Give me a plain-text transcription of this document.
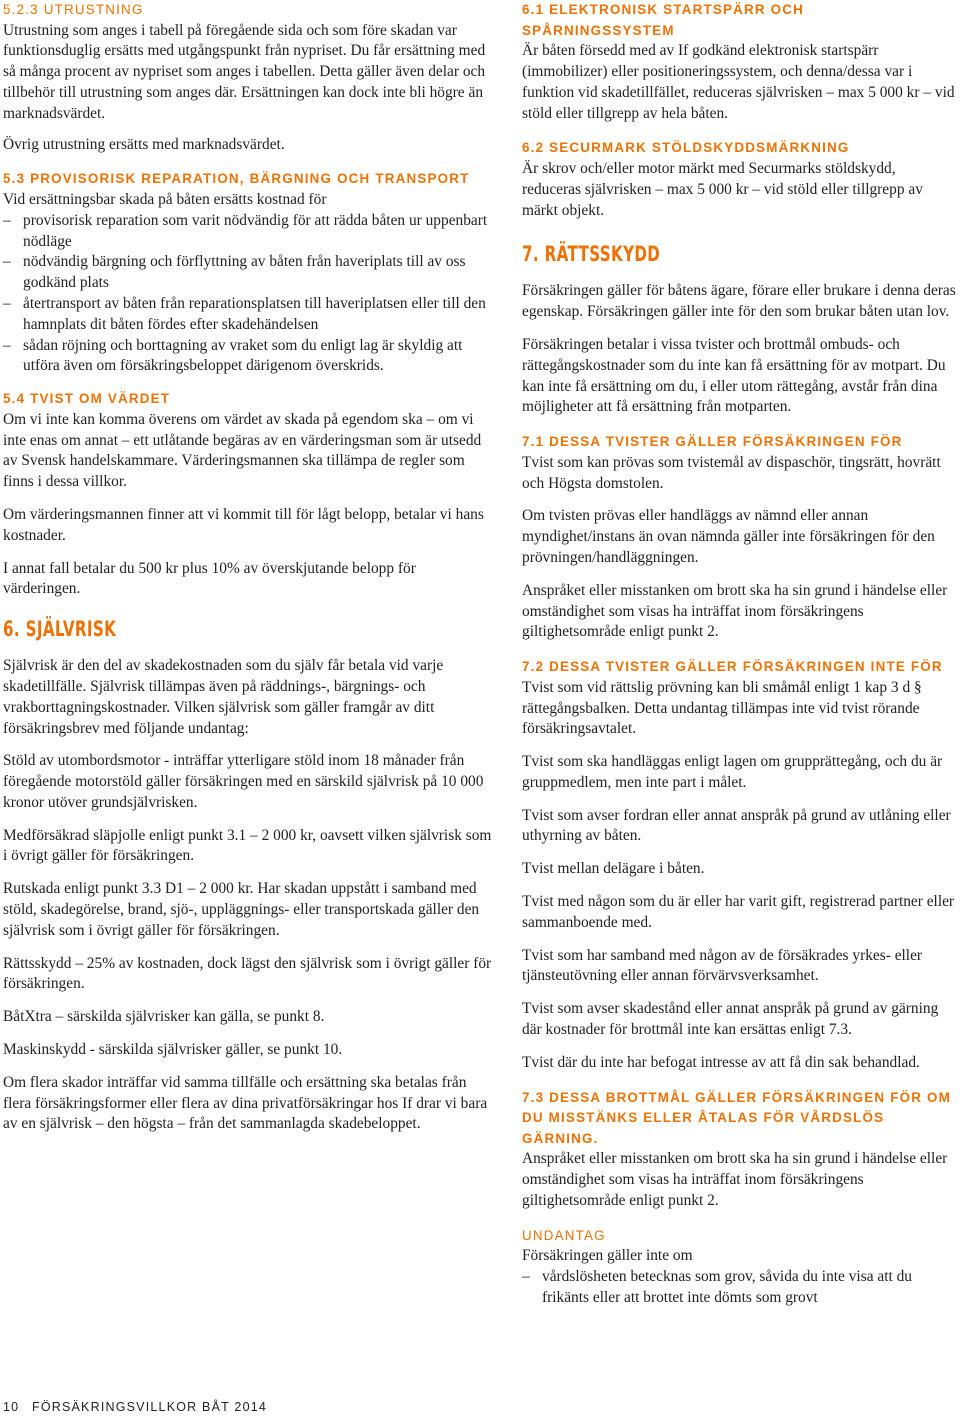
5.2.3 UTRUSTNING

Utrustning som anges i tabell på föregående sida och som före skadan var funktionsduglig ersätts med utgångspunkt från nypriset. Du får ersättning med så många procent av nypriset som anges i tabellen. Detta gäller även delar och tillbehör till utrustning som anges där. Ersättningen kan dock inte bli högre än marknadsvärdet.

Övrig utrustning ersätts med marknadsvärdet.

5.3 PROVISORISK REPARATION, BÄRGNING OCH TRANSPORT

Vid ersättningsbar skada på båten ersätts kostnad för

– provisorisk reparation som varit nödvändig för att rädda båten ur uppenbart nödläge
– nödvändig bärgning och förflyttning av båten från haveriplats till av oss godkänd plats
– återtransport av båten från reparationsplatsen till haveriplatsen eller till den hamnplats dit båten fördes efter skadehändelsen
– sådan röjning och borttagning av vraket som du enligt lag är skyldig att utföra även om försäkringsbeloppet därigenom överskrids.
5.4 TVIST OM VÄRDET

Om vi inte kan komma överens om värdet av skada på egendom ska – om vi inte enas om annat – ett utlåtande begäras av en värderingsman som är utsedd av Svensk handelskammare. Värderingsmannen ska tillämpa de regler som finns i dessa villkor.

Om värderingsmannen finner att vi kommit till för lågt belopp, betalar vi hans kostnader.

I annat fall betalar du 500 kr plus 10% av överskjutande belopp för värderingen.

6. SJÄLVRISK

Självrisk är den del av skadekostnaden som du själv får betala vid varje skadetillfälle. Självrisk tillämpas även på räddnings-, bärgnings- och vrakborttagningskostnader. Vilken självrisk som gäller framgår av ditt försäkringsbrev med följande undantag:

Stöld av utombordsmotor - inträffar ytterligare stöld inom 18 månader från föregående motorstöld gäller försäkringen med en särskild självrisk på 10 000 kronor utöver grundsjälvrisken.

Medförsäkrad släpjolle enligt punkt 3.1 – 2 000 kr, oavsett vilken självrisk som i övrigt gäller för försäkringen.

Rutskada enligt punkt 3.3 D1 – 2 000 kr. Har skadan uppstått i samband med stöld, skadegörelse, brand, sjö-, uppläggnings- eller transportskada gäller den självrisk som i övrigt gäller för försäkringen.

Rättsskydd – 25% av kostnaden, dock lägst den självrisk som i övrigt gäller för försäkringen.

BåtXtra – särskilda självrisker kan gälla, se punkt 8.

Maskinskydd - särskilda självrisker gäller, se punkt 10.

Om flera skador inträffar vid samma tillfälle och ersättning ska betalas från flera försäkringsformer eller flera av dina privatförsäkringar hos If drar vi bara av en självrisk – den högsta – från det sammanlagda skadebeloppet.

6.1 ELEKTRONISK STARTSPÄRR OCH SPÅRNINGSSYSTEM

Är båten försedd med av If godkänd elektronisk startspärr (immobilizer) eller positioneringssystem, och denna/dessa var i funktion vid skadetillfället, reduceras självrisken – max 5 000 kr – vid stöld eller tillgrepp av hela båten.

6.2 SECURMARK STÖLDSKYDDSMÄRKNING

Är skrov och/eller motor märkt med Securmarks stöldskydd, reduceras självrisken – max 5 000 kr – vid stöld eller tillgrepp av märkt objekt.

7. RÄTTSSKYDD

Försäkringen gäller för båtens ägare, förare eller brukare i denna deras egenskap. Försäkringen gäller inte för den som brukar båten utan lov.

Försäkringen betalar i vissa tvister och brottmål ombuds- och rättegångskostnader som du inte kan få ersättning för av motpart. Du kan inte få ersättning om du, i eller utom rättegång, avstår från dina möjligheter att få ersättning från motparten.

7.1 DESSA TVISTER GÄLLER FÖRSÄKRINGEN FÖR

Tvist som kan prövas som tvistemål av dispaschör, tingsrätt, hovrätt och Högsta domstolen.

Om tvisten prövas eller handläggs av nämnd eller annan myndighet/instans än ovan nämnda gäller inte försäkringen för den prövningen/handläggningen.

Anspråket eller misstanken om brott ska ha sin grund i händelse eller omständighet som visas ha inträffat inom försäkringens giltighetsområde enligt punkt 2.

7.2 DESSA TVISTER GÄLLER FÖRSÄKRINGEN INTE FÖR

Tvist som vid rättslig prövning kan bli småmål enligt 1 kap 3 d § rättegångsbalken. Detta undantag tillämpas inte vid tvist rörande försäkringsavtalet.

Tvist som ska handläggas enligt lagen om grupprättegång, och du är gruppmedlem, men inte part i målet.

Tvist som avser fordran eller annat anspråk på grund av utlåning eller uthyrning av båten.

Tvist mellan delägare i båten.

Tvist med någon som du är eller har varit gift, registrerad partner eller sammanboende med.

Tvist som har samband med någon av de försäkrades yrkes- eller tjänsteutövning eller annan förvärvsverksamhet.

Tvist som avser skadestånd eller annat anspråk på grund av gärning där kostnader för brottmål inte kan ersättas enligt 7.3.

Tvist där du inte har befogat intresse av att få din sak behandlad.

7.3 DESSA BROTTMÅL GÄLLER FÖRSÄKRINGEN FÖR OM DU MISSTÄNKS ELLER ÅTALAS FÖR VÅRDSLÖS GÄRNING.

Anspråket eller misstanken om brott ska ha sin grund i händelse eller omständighet som visas ha inträffat inom försäkringens giltighetsområde enligt punkt 2.

UNDANTAG

Försäkringen gäller inte om

– vårdslösheten betecknas som grov, såvida du inte visa att du frikänts eller att brottet inte dömts som grovt
10 FÖRSÄKRINGSVILLKOR BÅT 2014
